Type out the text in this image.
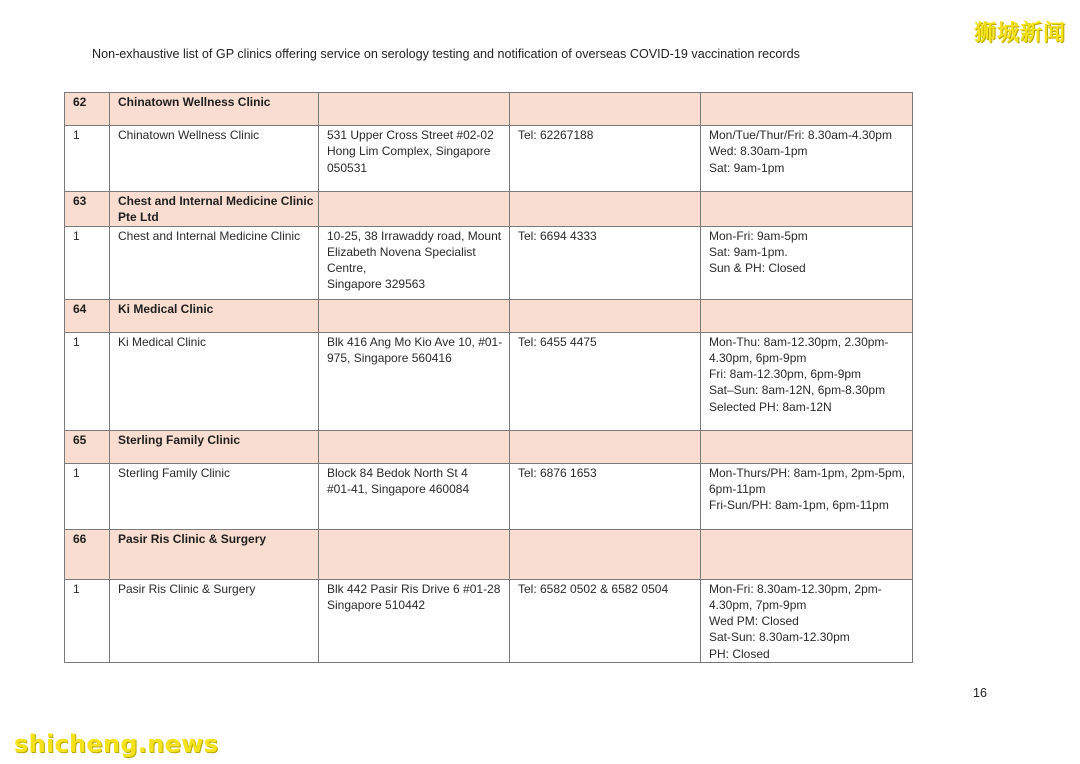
狮城新闻
Non-exhaustive list of GP clinics offering service on serology testing and notification of overseas COVID-19 vaccination records
62	Chinatown Wellness Clinic			

1	Chinatown Wellness Clinic	531 Upper Cross Street #02-02
Hong Lim Complex, Singapore
050531	Tel: 62267188	Mon/Tue/Thur/Fri: 8.30am-4.30pm
Wed: 8.30am-1pm
Sat: 9am-1pm

63	Chest and Internal Medicine Clinic
Pte Ltd			

1	Chest and Internal Medicine Clinic	10-25, 38 Irrawaddy road, Mount
Elizabeth Novena Specialist
Centre,
Singapore 329563	Tel: 6694 4333	Mon-Fri: 9am-5pm
Sat: 9am-1pm.
Sun & PH: Closed

64	Ki Medical Clinic			

1	Ki Medical Clinic	Blk 416 Ang Mo Kio Ave 10, #01-
975, Singapore 560416	Tel: 6455 4475	Mon-Thu: 8am-12.30pm, 2.30pm-
4.30pm, 6pm-9pm
Fri: 8am-12.30pm, 6pm-9pm
Sat–Sun: 8am-12N, 6pm-8.30pm
Selected PH: 8am-12N

65	Sterling Family Clinic			

1	Sterling Family Clinic	Block 84 Bedok North St 4
#01-41, Singapore 460084	Tel: 6876 1653	Mon-Thurs/PH: 8am-1pm, 2pm-5pm,
6pm-11pm
Fri-Sun/PH: 8am-1pm, 6pm-11pm

66	Pasir Ris Clinic & Surgery			

1	Pasir Ris Clinic & Surgery	Blk 442 Pasir Ris Drive 6 #01-28
Singapore 510442	Tel: 6582 0502 & 6582 0504	Mon-Fri: 8.30am-12.30pm, 2pm-
4.30pm, 7pm-9pm
Wed PM: Closed
Sat-Sun: 8.30am-12.30pm
PH: Closed
16
shicheng.news
